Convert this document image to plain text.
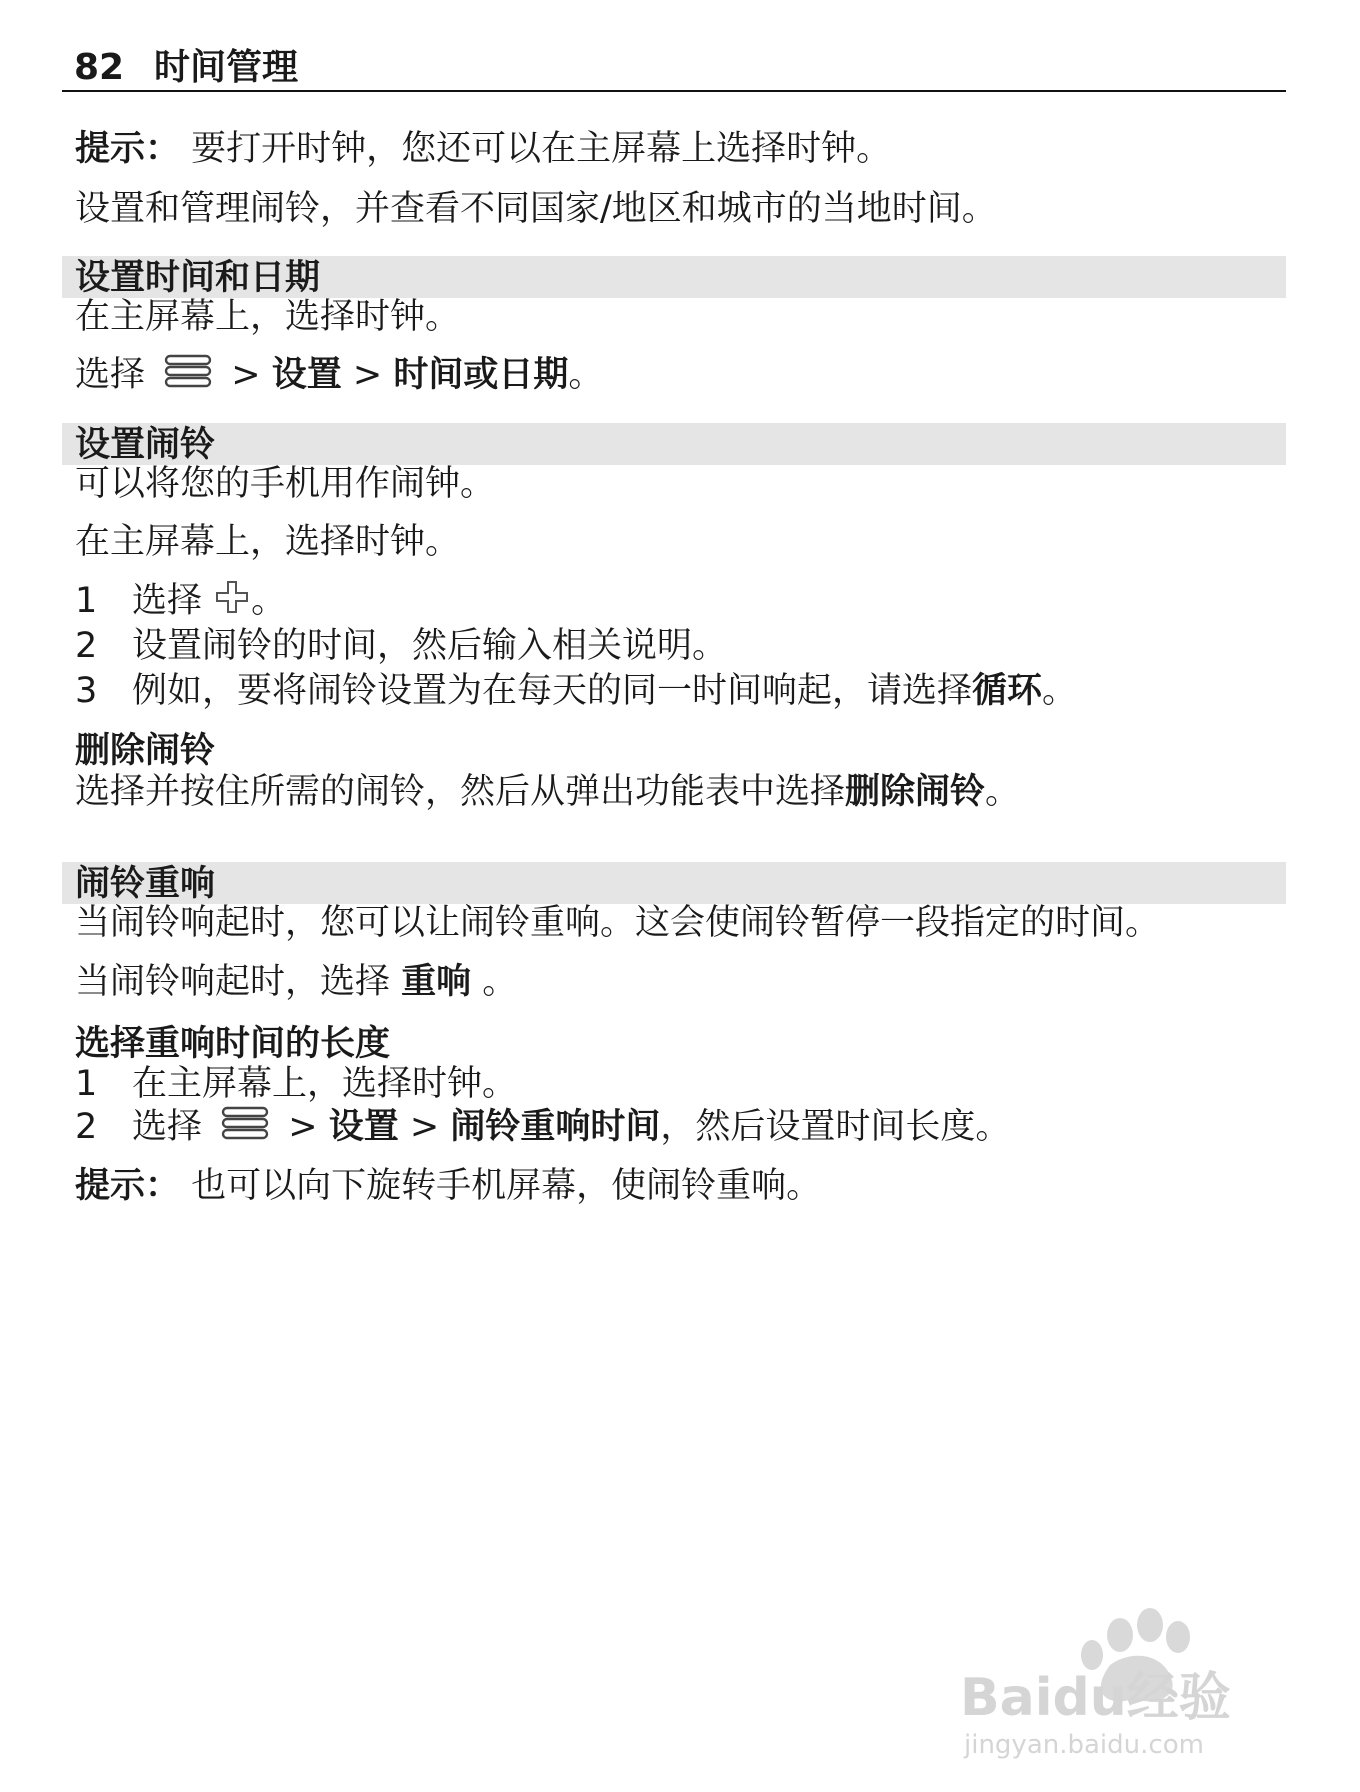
82 时间管理
提示： 要打开时钟，您还可以在主屏幕上选择时钟。
设置和管理闹铃，并查看不同国家/地区和城市的当地时间。
设置时间和日期
在主屏幕上，选择时钟。
选择  > 设置 > 时间或日期。
设置闹铃
可以将您的手机用作闹钟。
在主屏幕上，选择时钟。
1 选择 。
2 设置闹铃的时间，然后输入相关说明。
3 例如，要将闹铃设置为在每天的同一时间响起，请选择循环。
删除闹铃
选择并按住所需的闹铃，然后从弹出功能表中选择删除闹铃。
闹铃重响
当闹铃响起时，您可以让闹铃重响。这会使闹铃暂停一段指定的时间。
当闹铃响起时，选择 重响 。
选择重响时间的长度
1 在主屏幕上，选择时钟。
2 选择  > 设置 > 闹铃重响时间，然后设置时间长度。
提示： 也可以向下旋转手机屏幕，使闹铃重响。
Baidu经验
jingyan.baidu.com
